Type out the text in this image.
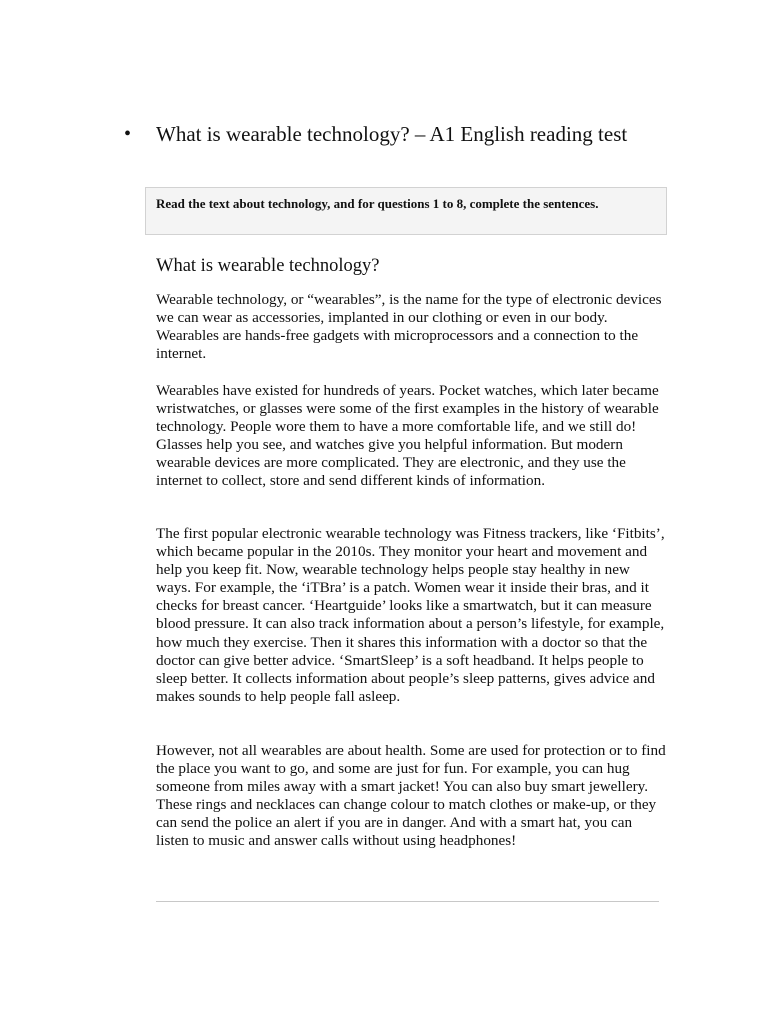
•	What is wearable technology? – A1 English reading test

Read the text about technology, and for questions 1 to 8, complete the sentences.

What is wearable technology?

Wearable technology, or “wearables”, is the name for the type of electronic devices we can wear as accessories, implanted in our clothing or even in our body. Wearables are hands-free gadgets with microprocessors and a connection to the internet.

Wearables have existed for hundreds of years. Pocket watches, which later became wristwatches, or glasses were some of the first examples in the history of wearable technology. People wore them to have a more comfortable life, and we still do! Glasses help you see, and watches give you helpful information. But modern wearable devices are more complicated. They are electronic, and they use the internet to collect, store and send different kinds of information.

The first popular electronic wearable technology was Fitness trackers, like ‘Fitbits’, which became popular in the 2010s. They monitor your heart and movement and help you keep fit. Now, wearable technology helps people stay healthy in new ways. For example, the ‘iTBra’ is a patch. Women wear it inside their bras, and it checks for breast cancer. ‘Heartguide’ looks like a smartwatch, but it can measure blood pressure. It can also track information about a person’s lifestyle, for example, how much they exercise. Then it shares this information with a doctor so that the doctor can give better advice. ‘SmartSleep’ is a soft headband. It helps people to sleep better. It collects information about people’s sleep patterns, gives advice and makes sounds to help people fall asleep.

However, not all wearables are about health. Some are used for protection or to find the place you want to go, and some are just for fun. For example, you can hug someone from miles away with a smart jacket! You can also buy smart jewellery. These rings and necklaces can change colour to match clothes or make-up, or they can send the police an alert if you are in danger. And with a smart hat, you can listen to music and answer calls without using headphones!
